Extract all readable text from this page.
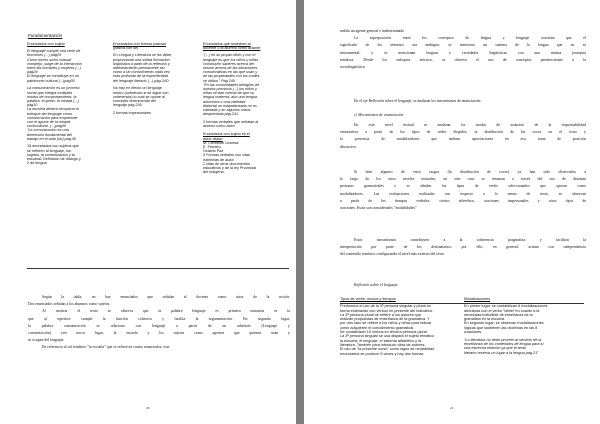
Fundamentación
Enunciados con sujeto
El lenguaje cumple una serie de
funciones (...) pág29
Como hecho socio cultural
complejo, surge de la interacción
entre las hombres y mujeres (...)
pág29
El lenguaje se constituye en un
patrimonio cultural (...)pág30
La comunicación es un proceso
social que integra múltiples
modos de comportamiento: la
palabra, el gesto, la mirada (...)
pág30
La escuela deberá recuperar el
enfoque del lenguaje como
comunicación para emprender
con el aporte de la mirada
sociocultural. (...)pág40
"La comunicación es una
dimensión fundamental del
trabajo en el aula [sic] pág.40
15 enunciados con sujetos que
se refieren al lenguaje, los
sujetos, la comunicación y la
escuela1 Definición de diálogo y
2 de lengua
Enunciados con formas pasivas
(pasiva con se)
En Lengua y Literatura se los debe
proporcionar una sólida formación
lingüística a partir de la reflexión y
adiestramiento permanente así
como a un conocimiento cada vez
más profundo de la especificidad
del lenguaje literario (...) pág.24O
No hay en efecto un lenguaje
neutro (sobretodo si se sigue con
coherencia) lo cual se opone al
concepto instrumental del
lenguaje.pág.240
2 formas impersonales
Enunciados que muestran al
docente o al alumno como actante
"(...) en su propia oficio y con el
lenguaje es que los niños y niñas
construyen saberes acerca del
mismo acerca de las situaciones
comunicativas en las que usan y
de las propiedades con los cuales
se utiliza." Pág.240
"En las comunidades bilingües de
nuestra provincia (...) los niños y
niñas se dan cuenta de que su
lengua materna, aún una lengua
autóctona o una variedad
dialectal no estandarizada no es
valorada y en algunos casos
despreciada.pág.241
2 formas verbales que señalan al
alumno como actor
Enunciados con sujeto es el
autor citado
M. Clemente Linuesa
E. Ferreiro
Octavio Paz
3 Formas verbales con citas
indirectas de autor
2 citas de otros documentos
educativos y de la ley Provincial
del Indígena.

Según la tabla, no hay enunciados que señalan al docente como actor de la acción.

Dos enunciados señalan a los alumnos como sujetos.

Al mostrar el texto se observa que la palabra lenguaje es primera instancia es la

que al repetirse cumple la función cohesiva y facilita la argumentación. En segundo lugar,

la palabra comunicación se relaciona con lenguaje a partir de un subtítulo (Lenguaje y

comunicación) yen tercer lugar, la escuela y los sujetos como agentes que quienes usan y

se ocupan del lenguaje.

En referencia al rol temático "la escuela" que se refiere en cuatro enunciados, este

20

señala un agente general e indeterminado

La superposición entre los conceptos de lengua y lenguaje ocasiona que el

significado de los términos sea ambiguo; se menciona un sistema de la lengua que no es

instrumental, y se mencionan lenguas y variedades lingüísticas con una misma jerarquía

temática. Desde los enfoques teóricos, se observa el uso de conceptos pertenecientes a la

sociolingüística.

En el eje Reflexión sobre el lenguaje, se analizan los mecanismos de enunciación

c) Mecanismos de enunciación

En este nivel textual se analizan los modos de asunción de la responsabilidad

enunciativa a partir de los tipos de verbo elegidos, la distribución de las voces en el texto y

la presencia de modalizadores que indican apreciaciones en eva toma de posición

discursiva.

Si bien algunos de estos rasgos (la distribución de voces) ya han sido observados a

lo largo de los otros niveles textuales, en este caso se retoman a través del uso de distintas

personas gramaticales y se añaden los tipos de verbo seleccionados que operan como

modalizadores. Las evaluaciones realizadas con respecto a lo temas de texto, se observan

a partir de los tiempos verbales, ciertos adverbios, oraciones impersonales y otros tipos de

oraciones. Estos son considerados "modalidades"

Estos mecanismos contribuyen a la coherencia pragmática y facilitan la

interpretación por parte de los destinatarios, por ello, en general, actúan con independencia

del contenido temático configurando el nivel más externo del texto.

Reflexión sobre el lenguaje
Tipos de verbo, modos y tiempos
Predomina el uso de la 3ª persona singular y plural en
forma estimando con verbos en presente del indicativo.
La 3ª persona plural se refiere a los autores que
realizan propuestas de enseñanza de la gramática. Y
por otro lado se refiere a los niños y niñas para indicar
como adquieren el conocimiento gramatical.
Se contabilizan 15 verbos en tercera persona plural.
La 3ª persona singular se usa dispara el sujeto temático
la escuela, el lenguaje, el sistema alfabético y la
literatura. También para introducir citas de autores.
El uso de "la presente curso" como signo de neutralidad
enunciados se produce 5 veces y hay dos formas
Modalizaciones
En primer lugar, se contabilizan 6 modalizaciones
deónticas con el verbo "deber"en cuanto a la
necesidad ineludible de enseñanza de la
gramática en la escuela.
En segundo lugar, se observan modalizaciones
lógicas que sostienen las doctrinas en las 8
ocasiones.
"Lo literatura no debe proveer al servicio de la
enseñanza de los contenidos de lengua para sí
una estrecha relación ya que el texto
literario reserva un lugar a la lengua pág.21"
21
